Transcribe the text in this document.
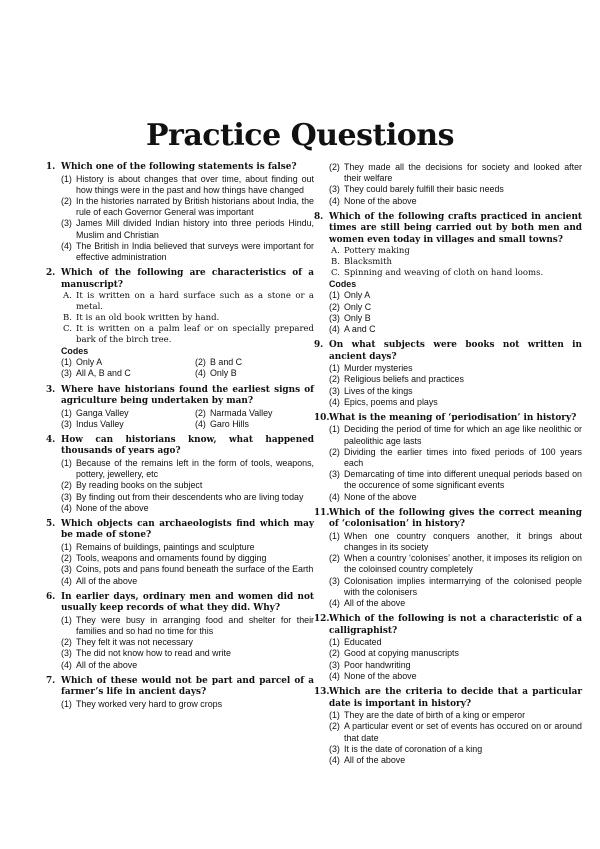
Practice Questions
1. Which one of the following statements is false?
(1) History is about changes that over time, about finding out how things were in the past and how things have changed
(2) In the histories narrated by British historians about India, the rule of each Governor General was important
(3) James Mill divided Indian history into three periods Hindu, Muslim and Christian
(4) The British in India believed that surveys were important for effective administration
2. Which of the following are characteristics of a manuscript?
A. It is written on a hard surface such as a stone or a metal.
B. It is an old book written by hand.
C. It is written on a palm leaf or on specially prepared bark of the birch tree.
Codes
(1) Only A	(2) B and C
(3) All A, B and C	(4) Only B
3. Where have historians found the earliest signs of agriculture being undertaken by man?
(1) Ganga Valley	(2) Narmada Valley
(3) Indus Valley	(4) Garo Hills
4. How can historians know, what happened thousands of years ago?
(1) Because of the remains left in the form of tools, weapons, pottery, jewellery, etc
(2) By reading books on the subject
(3) By finding out from their descendents who are living today
(4) None of the above
5. Which objects can archaeologists find which may be made of stone?
(1) Remains of buildings, paintings and sculpture
(2) Tools, weapons and ornaments found by digging
(3) Coins, pots and pans found beneath the surface of the Earth
(4) All of the above
6. In earlier days, ordinary men and women did not usually keep records of what they did. Why?
(1) They were busy in arranging food and shelter for their families and so had no time for this
(2) They felt it was not necessary
(3) The did not know how to read and write
(4) All of the above
7. Which of these would not be part and parcel of a farmer’s life in ancient days?
(1) They worked very hard to grow crops
(2) They made all the decisions for society and looked after their welfare
(3) They could barely fulfill their basic needs
(4) None of the above
8. Which of the following crafts practiced in ancient times are still being carried out by both men and women even today in villages and small towns?
A. Pottery making
B. Blacksmith
C. Spinning and weaving of cloth on hand looms.
Codes
(1) Only A
(2) Only C
(3) Only B
(4) A and C
9. On what subjects were books not written in ancient days?
(1) Murder mysteries
(2) Religious beliefs and practices
(3) Lives of the kings
(4) Epics, poems and plays
10. What is the meaning of ‘periodisation’ in history?
(1) Deciding the period of time for which an age like neolithic or paleolithic age lasts
(2) Dividing the earlier times into fixed periods of 100 years each
(3) Demarcating of time into different unequal periods based on the occurence of some significant events
(4) None of the above
11. Which of the following gives the correct meaning of ‘colonisation’ in history?
(1) When one country conquers another, it brings about changes in its society
(2) When a country ‘colonises’ another, it imposes its religion on the coloinsed country completely
(3) Colonisation implies intermarrying of the colonised people with the colonisers
(4) All of the above
12. Which of the following is not a characteristic of a calligraphist?
(1) Educated
(2) Good at copying manuscripts
(3) Poor handwriting
(4) None of the above
13. Which are the criteria to decide that a particular date is important in history?
(1) They are the date of birth of a king or emperor
(2) A particular event or set of events has occured on or around that date
(3) It is the date of coronation of a king
(4) All of the above
